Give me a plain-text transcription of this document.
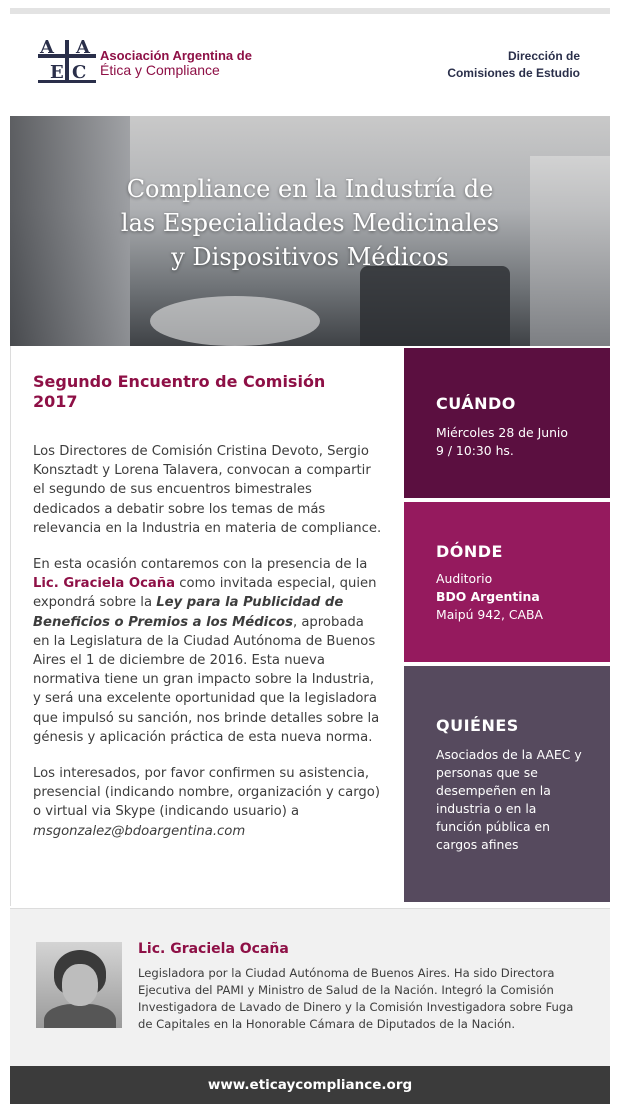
A A
E C
Asociación Argentina de
Ética y Compliance
Dirección de
Comisiones de Estudio
Compliance en la Industría de
las Especialidades Medicinales
y Dispositivos Médicos
Segundo Encuentro de Comisión 2017

Los Directores de Comisión Cristina Devoto, Sergio Konsztadt y Lorena Talavera, convocan a compartir el segundo de sus encuentros bimestrales dedicados a debatir sobre los temas de más relevancia en la Industria en materia de compliance.

En esta ocasión contaremos con la presencia de la Lic. Graciela Ocaña como invitada especial, quien expondrá sobre la Ley para la Publicidad de Beneficios o Premios a los Médicos, aprobada en la Legislatura de la Ciudad Autónoma de Buenos Aires el 1 de diciembre de 2016. Esta nueva normativa tiene un gran impacto sobre la Industria, y será una excelente oportunidad que la legisladora que impulsó su sanción, nos brinde detalles sobre la génesis y aplicación práctica de esta nueva norma.

Los interesados, por favor confirmen su asistencia, presencial (indicando nombre, organización y cargo) o virtual via Skype (indicando usuario) a
msgonzalez@bdoargentina.com

CUÁNDO
Miércoles 28 de Junio
9 / 10:30 hs.
DÓNDE
Auditorio
BDO Argentina
Maipú 942, CABA
QUIÉNES
Asociados de la AAEC y personas que se desempeñen en la industria o en la función pública en cargos afines
Lic. Graciela Ocaña
Legisladora por la Ciudad Autónoma de Buenos Aires. Ha sido Directora Ejecutiva del PAMI y Ministro de Salud de la Nación. Integró la Comisión Investigadora de Lavado de Dinero y la Comisión Investigadora sobre Fuga de Capitales en la Honorable Cámara de Diputados de la Nación.
www.eticaycompliance.org
